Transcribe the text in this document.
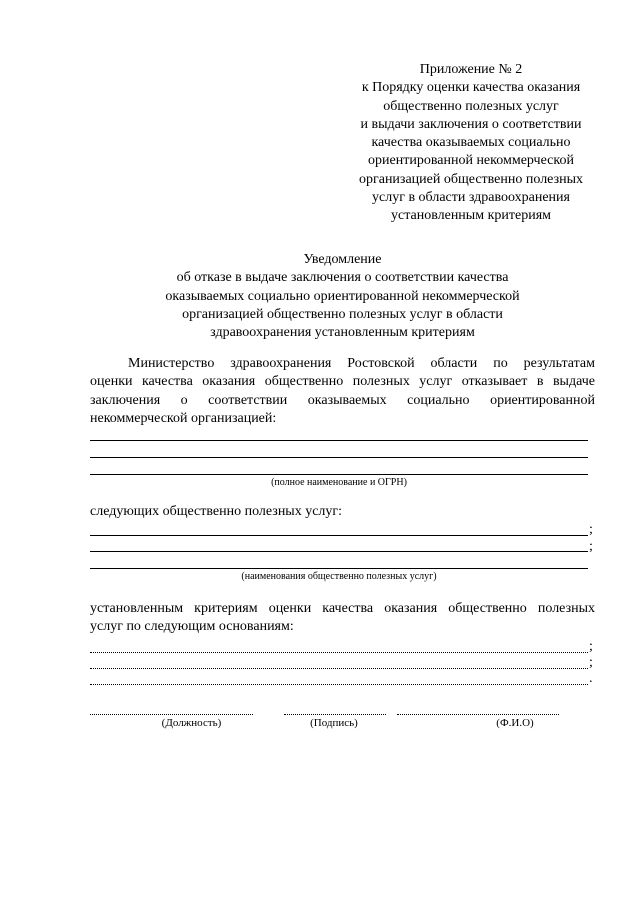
Приложение № 2
к Порядку оценки качества оказания
общественно полезных услуг
и выдачи заключения о соответствии
качества оказываемых социально
ориентированной некоммерческой
организацией общественно полезных
услуг в области здравоохранения
установленным критериям
Уведомление
об отказе в выдаче заключения о соответствии качества
оказываемых социально ориентированной некоммерческой
организацией общественно полезных услуг в области
здравоохранения установленным критериям
Министерство здравоохранения Ростовской области по результатам
оценки качества оказания общественно полезных услуг отказывает в выдаче
заключения о соответствии оказываемых социально ориентированной
некоммерческой организацией:
(полное наименование и ОГРН)
следующих общественно полезных услуг:
;
;
(наименования общественно полезных услуг)
установленным критериям оценки качества оказания общественно полезных
услуг по следующим основаниям:
;
;
.
(Должность)	(Подпись)	(Ф.И.О)
